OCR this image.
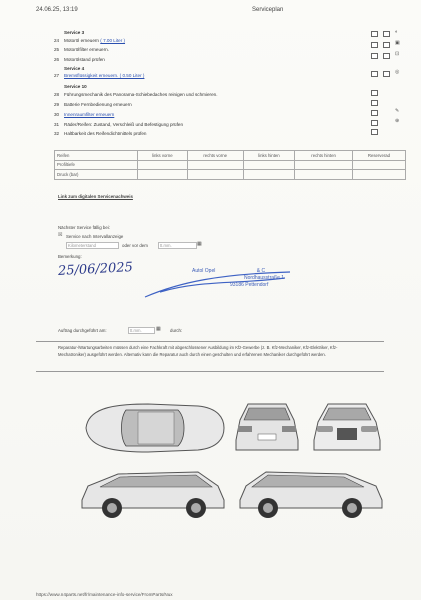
24.06.25, 13:19	Serviceplan
Service 3
Service 4
Service 10
24 Motoröl erneuern ( 7.00 Liter )
25 Motorölfilter erneuern.
26 Motorölstand prüfen
27 Bremsflüssigkeit erneuern. ( 0.50 Liter )
28 Führungsmechanik des Panorama-Schiebedaches reinigen und schmieren.
29 Batterie Fernbedienung erneuern
30 Innenraumfilter erneuern
31 Räder/Reifen: Zustand, Verschleiß und Befestigung prüfen
32 Haltbarkeit des Reifendichtmittels prüfen
◐
▣
⊡
◎
✎
⊕
Reifen	links vorne	rechts vorne	links hinten	rechts hinten	Reserverad
Profiltiefe					
Druck (bar)					
Link zum digitalen Servicenachweis
Nächster Service fällig bei:
☒ Service nach Intervallanzeige
Kilometerstand	oder vor dem	tt.mm.	▦
Bemerkung:
25/06/2025	Autol Opel	& C
Nordhausstraße 1
93186 Pettendorf
Auftrag durchgeführt am:	tt.mm.	▦ durch:
Reparatur-/Wartungsarbeiten müssen durch eine Fachkraft mit abgeschlossener Ausbildung im Kfz-Gewerbe (z. B. Kfz-Mechaniker, Kfz-Elektriker, Kfz-
Mechatroniker) ausgeführt werden. Alternativ kann die Reparatur auch durch einen geschulten und erfahrenen Mechaniker durchgeführt werden.
https://www.n4parts.net/fr/maintenance-info-service/FromParts/Nux
